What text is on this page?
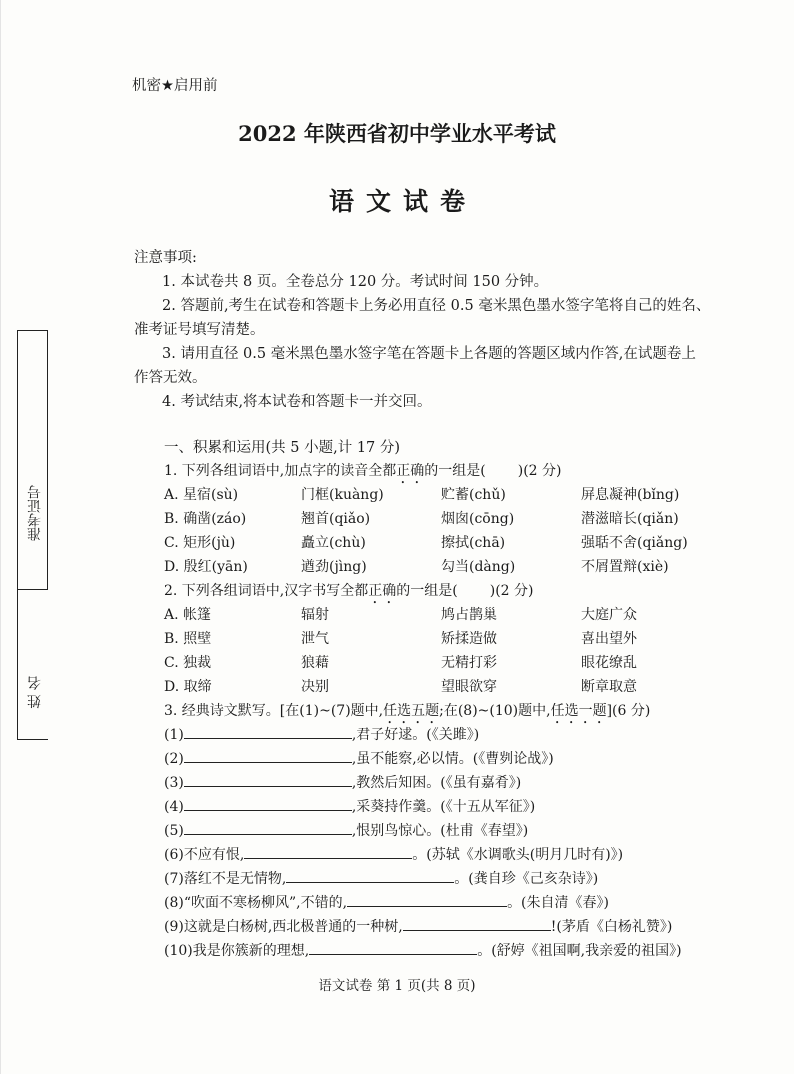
准考证号
姓 名
机密★启用前
2022 年陕西省初中学业水平考试
语文试卷
注意事项:
1. 本试卷共 8 页。全卷总分 120 分。考试时间 150 分钟。
2. 答题前,考生在试卷和答题卡上务必用直径 0.5 毫米黑色墨水签字笔将自己的姓名、
准考证号填写清楚。
3. 请用直径 0.5 毫米黑色墨水签字笔在答题卡上各题的答题区域内作答,在试题卷上
作答无效。
4. 考试结束,将本试卷和答题卡一并交回。
一、积累和运用(共 5 小题,计 17 分)
1. 下列各组词语中,加点字的读音全都正确的一组是( )(2 分)
A. 星宿(sù)	门框(kuàng)	贮蓄(chǔ)	屏息凝神(bǐng)
B. 确凿(záo)	翘首(qiǎo)	烟囱(cōng)	潜滋暗长(qiǎn)
C. 矩形(jù)	矗立(chù)	擦拭(chā)	强聒不舍(qiǎng)
D. 殷红(yān)	遒劲(jìng)	勾当(dàng)	不屑置辩(xiè)
2. 下列各组词语中,汉字书写全都正确的一组是( )(2 分)
A. 帐篷	辐射	鸠占鹊巢	大庭广众
B. 照壁	泄气	矫揉造做	喜出望外
C. 独裁	狼藉	无精打彩	眼花缭乱
D. 取缔	决别	望眼欲穿	断章取意
3. 经典诗文默写。[在(1)~(7)题中,任选五题;在(8)~(10)题中,任选一题](6 分)
(1)	,君子好逑。(《关雎》)
(2)	,虽不能察,必以情。(《曹刿论战》)
(3)	,教然后知困。(《虽有嘉肴》)
(4)	,采葵持作羹。(《十五从军征》)
(5)	,恨别鸟惊心。(杜甫《春望》)
(6)不应有恨,	。(苏轼《水调歌头(明月几时有)》)
(7)落红不是无情物,	。(龚自珍《己亥杂诗》)
(8)“吹面不寒杨柳风”,不错的,	。(朱自清《春》)
(9)这就是白杨树,西北极普通的一种树,	!(茅盾《白杨礼赞》)
(10)我是你簇新的理想,	。(舒婷《祖国啊,我亲爱的祖国》)
语文试卷 第 1 页(共 8 页)
